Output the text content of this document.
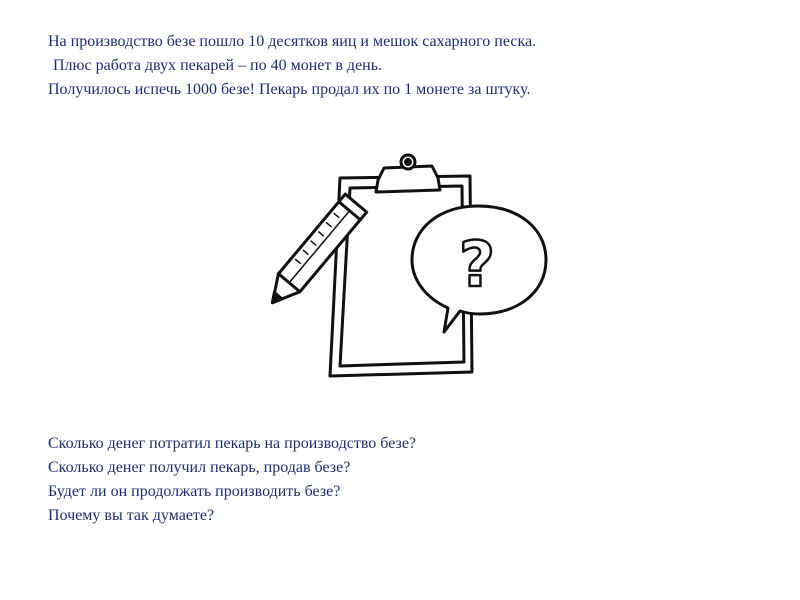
На производство безе пошло 10 десятков яиц и мешок сахарного песка.
Плюс работа двух пекарей – по 40 монет в день.
Получилось испечь 1000 безе! Пекарь продал их по 1 монете за штуку.
?
Сколько денег потратил пекарь на производство безе?
Сколько денег получил пекарь, продав безе?
Будет ли он продолжать производить безе?
Почему вы так думаете?
